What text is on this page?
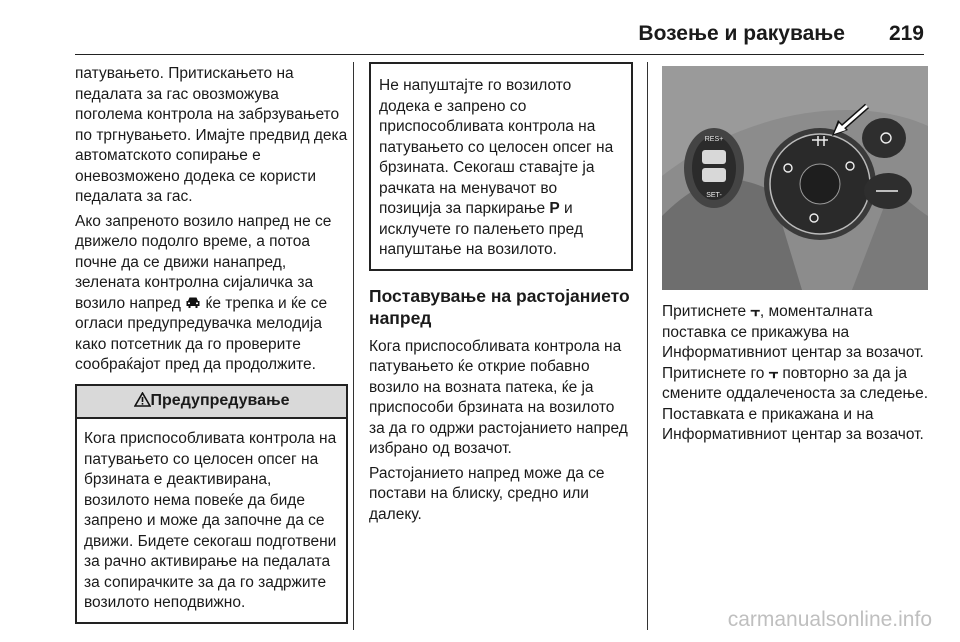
Возење и ракување 219

патувањето. Притискањето на педалата за гас овозможува поголема контрола на забрзувањето по тргнувањето. Имајте предвид дека автоматското сопирање е оневозможено додека се користи педалата за гас.

Ако запреното возило напред не се движело подолго време, а потоа почне да се движи нанапред, зелената контролна сијаличка за возило напред  ќе трепка и ќе се огласи предупредувачка мелодија како потсетник да го проверите сообраќајот пред да продолжите.

Предупредување
Кога приспособливата контрола на патувањето со целосен опсег на брзината е деактивирана, возилото нема повеќе да биде запрено и може да започне да се движи. Бидете секогаш подготвени за рачно активирање на педалата за сопирачките за да го задржите возилото неподвижно.
Не напуштајте го возилото додека е запрено со приспособливата контрола на патувањето со целосен опсег на брзината. Секогаш ставајте ја рачката на менувачот во позиција за паркирање P и исклучете го палењето пред напуштање на возилото.
Поставување на растојанието напред

Кога приспособливата контрола на патувањето ќе открие побавно возило на возната патека, ќе ја приспособи брзината на возилото за да го одржи растојанието напред избрано од возачот.

Растојанието напред може да се постави на блиску, средно или далеку.

RES+
SET-

Притиснете ⫟, моменталната поставка се прикажува на Информативниот центар за возачот. Притиснете го ⫟ повторно за да ја смените оддалеченоста за следење. Поставката е прикажана и на Информативниот центар за возачот.

carmanualsonline.info
